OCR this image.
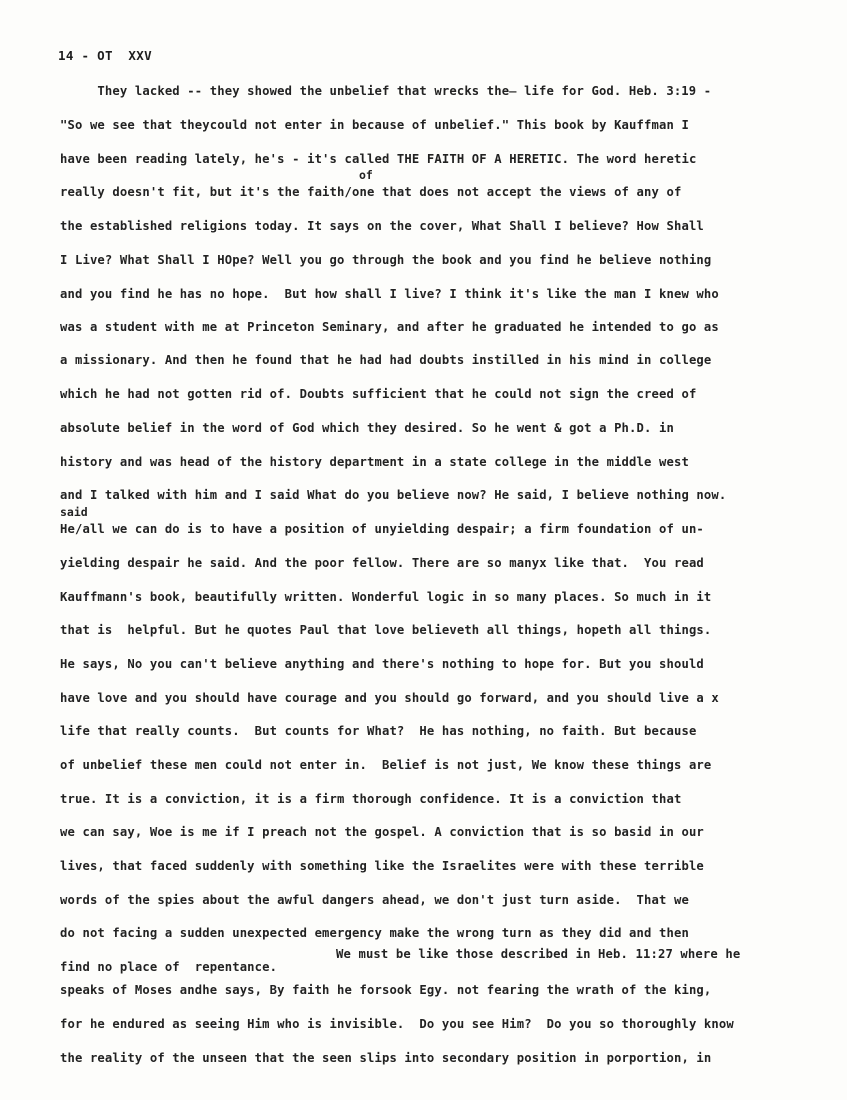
14 - OT  XXV
They lacked -- they showed the unbelief that wrecks the̶ life for God. Heb. 3:19 -
"So we see that theycould not enter in because of unbelief." This book by Kauffman I
have been reading lately, he's - it's called THE FAITH OF A HERETIC. The word heretic
of
really doesn't fit, but it's the faith/one that does not accept the views of any of
the established religions today. It says on the cover, What Shall I believe? How Shall
I Live? What Shall I HOpe? Well you go through the book and you find he believe nothing
and you find he has no hope.  But how shall I live? I think it's like the man I knew who
was a student with me at Princeton Seminary, and after he graduated he intended to go as
a missionary. And then he found that he had had doubts instilled in his mind in college
which he had not gotten rid of. Doubts sufficient that he could not sign the creed of
absolute belief in the word of God which they desired. So he went & got a Ph.D. in
history and was head of the history department in a state college in the middle west
and I talked with him and I said What do you believe now? He said, I believe nothing now.
said
He/all we can do is to have a position of unyielding despair; a firm foundation of un-
yielding despair he said. And the poor fellow. There are so manyx like that.  You read
Kauffmann's book, beautifully written. Wonderful logic in so many places. So much in it
that is  helpful. But he quotes Paul that love believeth all things, hopeth all things.
He says, No you can't believe anything and there's nothing to hope for. But you should
have love and you should have courage and you should go forward, and you should live a x
life that really counts.  But counts for What?  He has nothing, no faith. But because
of unbelief these men could not enter in.  Belief is not just, We know these things are
true. It is a conviction, it is a firm thorough confidence. It is a conviction that
we can say, Woe is me if I preach not the gospel. A conviction that is so basid in our
lives, that faced suddenly with something like the Israelites were with these terrible
words of the spies about the awful dangers ahead, we don't just turn aside.  That we
do not facing a sudden unexpected emergency make the wrong turn as they did and then
find no place of  repentance.
We must be like those described in Heb. 11:27 where he
speaks of Moses andhe says, By faith he forsook Egy. not fearing the wrath of the king,
for he endured as seeing Him who is invisible.  Do you see Him?  Do you so thoroughly know
the reality of the unseen that the seen slips into secondary position in porportion, in
